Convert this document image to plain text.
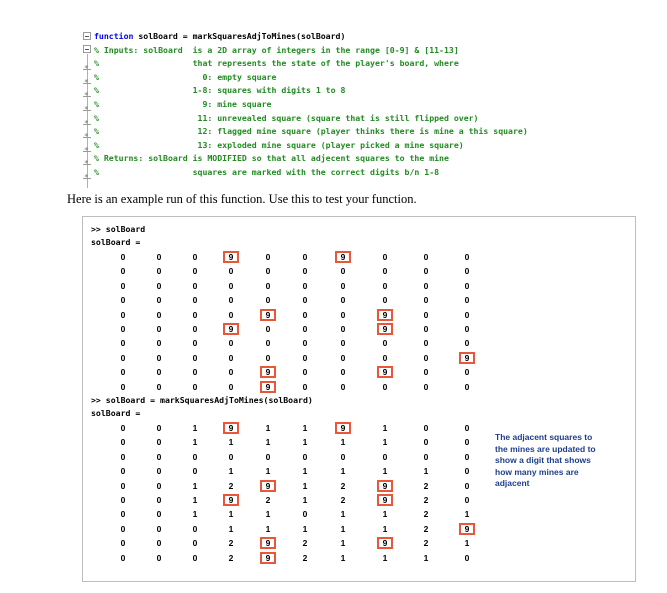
function solBoard = markSquaresAdjToMines(solBoard)
% Inputs: solBoard  is a 2D array of integers in the range [0-9] & [11-13]
%                   that represents the state of the player's board, where
%                     0: empty square
%                   1-8: squares with digits 1 to 8
%                     9: mine square
%                    11: unrevealed square (square that is still flipped over)
%                    12: flagged mine square (player thinks there is mine a this square)
%                    13: exploded mine square (player picked a mine square)
% Returns: solBoard is MODIFIED so that all adjecent squares to the mine
%                   squares are marked with the correct digits b/n 1-8
Here is an example run of this function. Use this to test your function.
>> solBoard
solBoard =
0	0	0	9	0	0	9	0	0	0
0	0	0	0	0	0	0	0	0	0
0	0	0	0	0	0	0	0	0	0
0	0	0	0	0	0	0	0	0	0
0	0	0	0	9	0	0	9	0	0
0	0	0	9	0	0	0	9	0	0
0	0	0	0	0	0	0	0	0	0
0	0	0	0	0	0	0	0	0	9
0	0	0	0	9	0	0	9	0	0
0	0	0	0	9	0	0	0	0	0
>> solBoard = markSquaresAdjToMines(solBoard)
solBoard =
0	0	1	9	1	1	9	1	0	0
0	0	1	1	1	1	1	1	0	0
0	0	0	0	0	0	0	0	0	0
0	0	0	1	1	1	1	1	1	0
0	0	1	2	9	1	2	9	2	0
0	0	1	9	2	1	2	9	2	0
0	0	1	1	1	0	1	1	2	1
0	0	0	1	1	1	1	1	2	9
0	0	0	2	9	2	1	9	2	1
0	0	0	2	9	2	1	1	1	0
The adjacent squares to the mines are updated to show a digit that shows how many mines are adjacent
